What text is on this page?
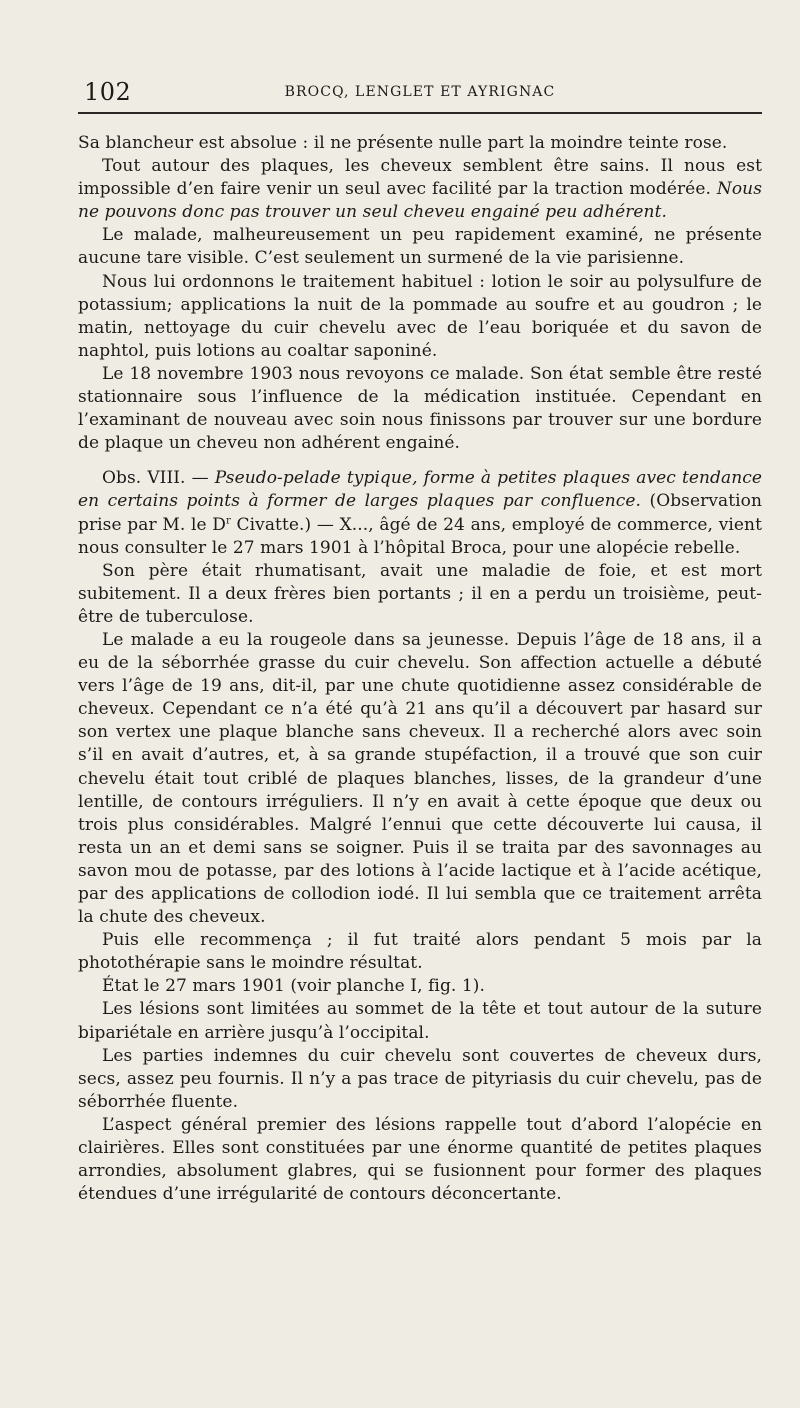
102	BROCQ, LENGLET ET AYRIGNAC

Sa blancheur est absolue : il ne présente nulle part la moindre teinte rose.

Tout autour des plaques, les cheveux semblent être sains. Il nous est impossible d’en faire venir un seul avec facilité par la traction modérée. Nous ne pouvons donc pas trouver un seul cheveu engainé peu adhérent.

Le malade, malheureusement un peu rapidement examiné, ne présente aucune tare visible. C’est seulement un surmené de la vie parisienne.

Nous lui ordonnons le traitement habituel : lotion le soir au polysulfure de potassium; applications la nuit de la pommade au soufre et au goudron ; le matin, nettoyage du cuir chevelu avec de l’eau boriquée et du savon de naphtol, puis lotions au coaltar saponiné.

Le 18 novembre 1903 nous revoyons ce malade. Son état semble être resté stationnaire sous l’influence de la médication instituée. Cependant en l’examinant de nouveau avec soin nous finissons par trouver sur une bordure de plaque un cheveu non adhérent engainé.

Obs. VIII. — Pseudo-pelade typique, forme à petites plaques avec tendance en certains points à former de larges plaques par confluence. (Observation prise par M. le $D^r$ Civatte.) — X..., âgé de 24 ans, employé de commerce, vient nous consulter le 27 mars 1901 à l’hôpital Broca, pour une alopécie rebelle.

Son père était rhumatisant, avait une maladie de foie, et est mort subitement. Il a deux frères bien portants ; il en a perdu un troisième, peut-être de tuberculose.

Le malade a eu la rougeole dans sa jeunesse. Depuis l’âge de 18 ans, il a eu de la séborrhée grasse du cuir chevelu. Son affection actuelle a débuté vers l’âge de 19 ans, dit-il, par une chute quotidienne assez considérable de cheveux. Cependant ce n’a été qu’à 21 ans qu’il a découvert par hasard sur son vertex une plaque blanche sans cheveux. Il a recherché alors avec soin s’il en avait d’autres, et, à sa grande stupéfaction, il a trouvé que son cuir chevelu était tout criblé de plaques blanches, lisses, de la grandeur d’une lentille, de contours irréguliers. Il n’y en avait à cette époque que deux ou trois plus considérables. Malgré l’ennui que cette découverte lui causa, il resta un an et demi sans se soigner. Puis il se traita par des savonnages au savon mou de potasse, par des lotions à l’acide lactique et à l’acide acétique, par des applications de collodion iodé. Il lui sembla que ce traitement arrêta la chute des cheveux.

Puis elle recommença ; il fut traité alors pendant 5 mois par la photothérapie sans le moindre résultat.

État le 27 mars 1901 (voir planche I, fig. 1).

Les lésions sont limitées au sommet de la tête et tout autour de la suture bipariétale en arrière jusqu’à l’occipital.

Les parties indemnes du cuir chevelu sont couvertes de cheveux durs, secs, assez peu fournis. Il n’y a pas trace de pityriasis du cuir chevelu, pas de séborrhée fluente.

L’aspect général premier des lésions rappelle tout d’abord l’alopécie en clairières. Elles sont constituées par une énorme quantité de petites plaques arrondies, absolument glabres, qui se fusionnent pour former des plaques étendues d’une irrégularité de contours déconcertante.
